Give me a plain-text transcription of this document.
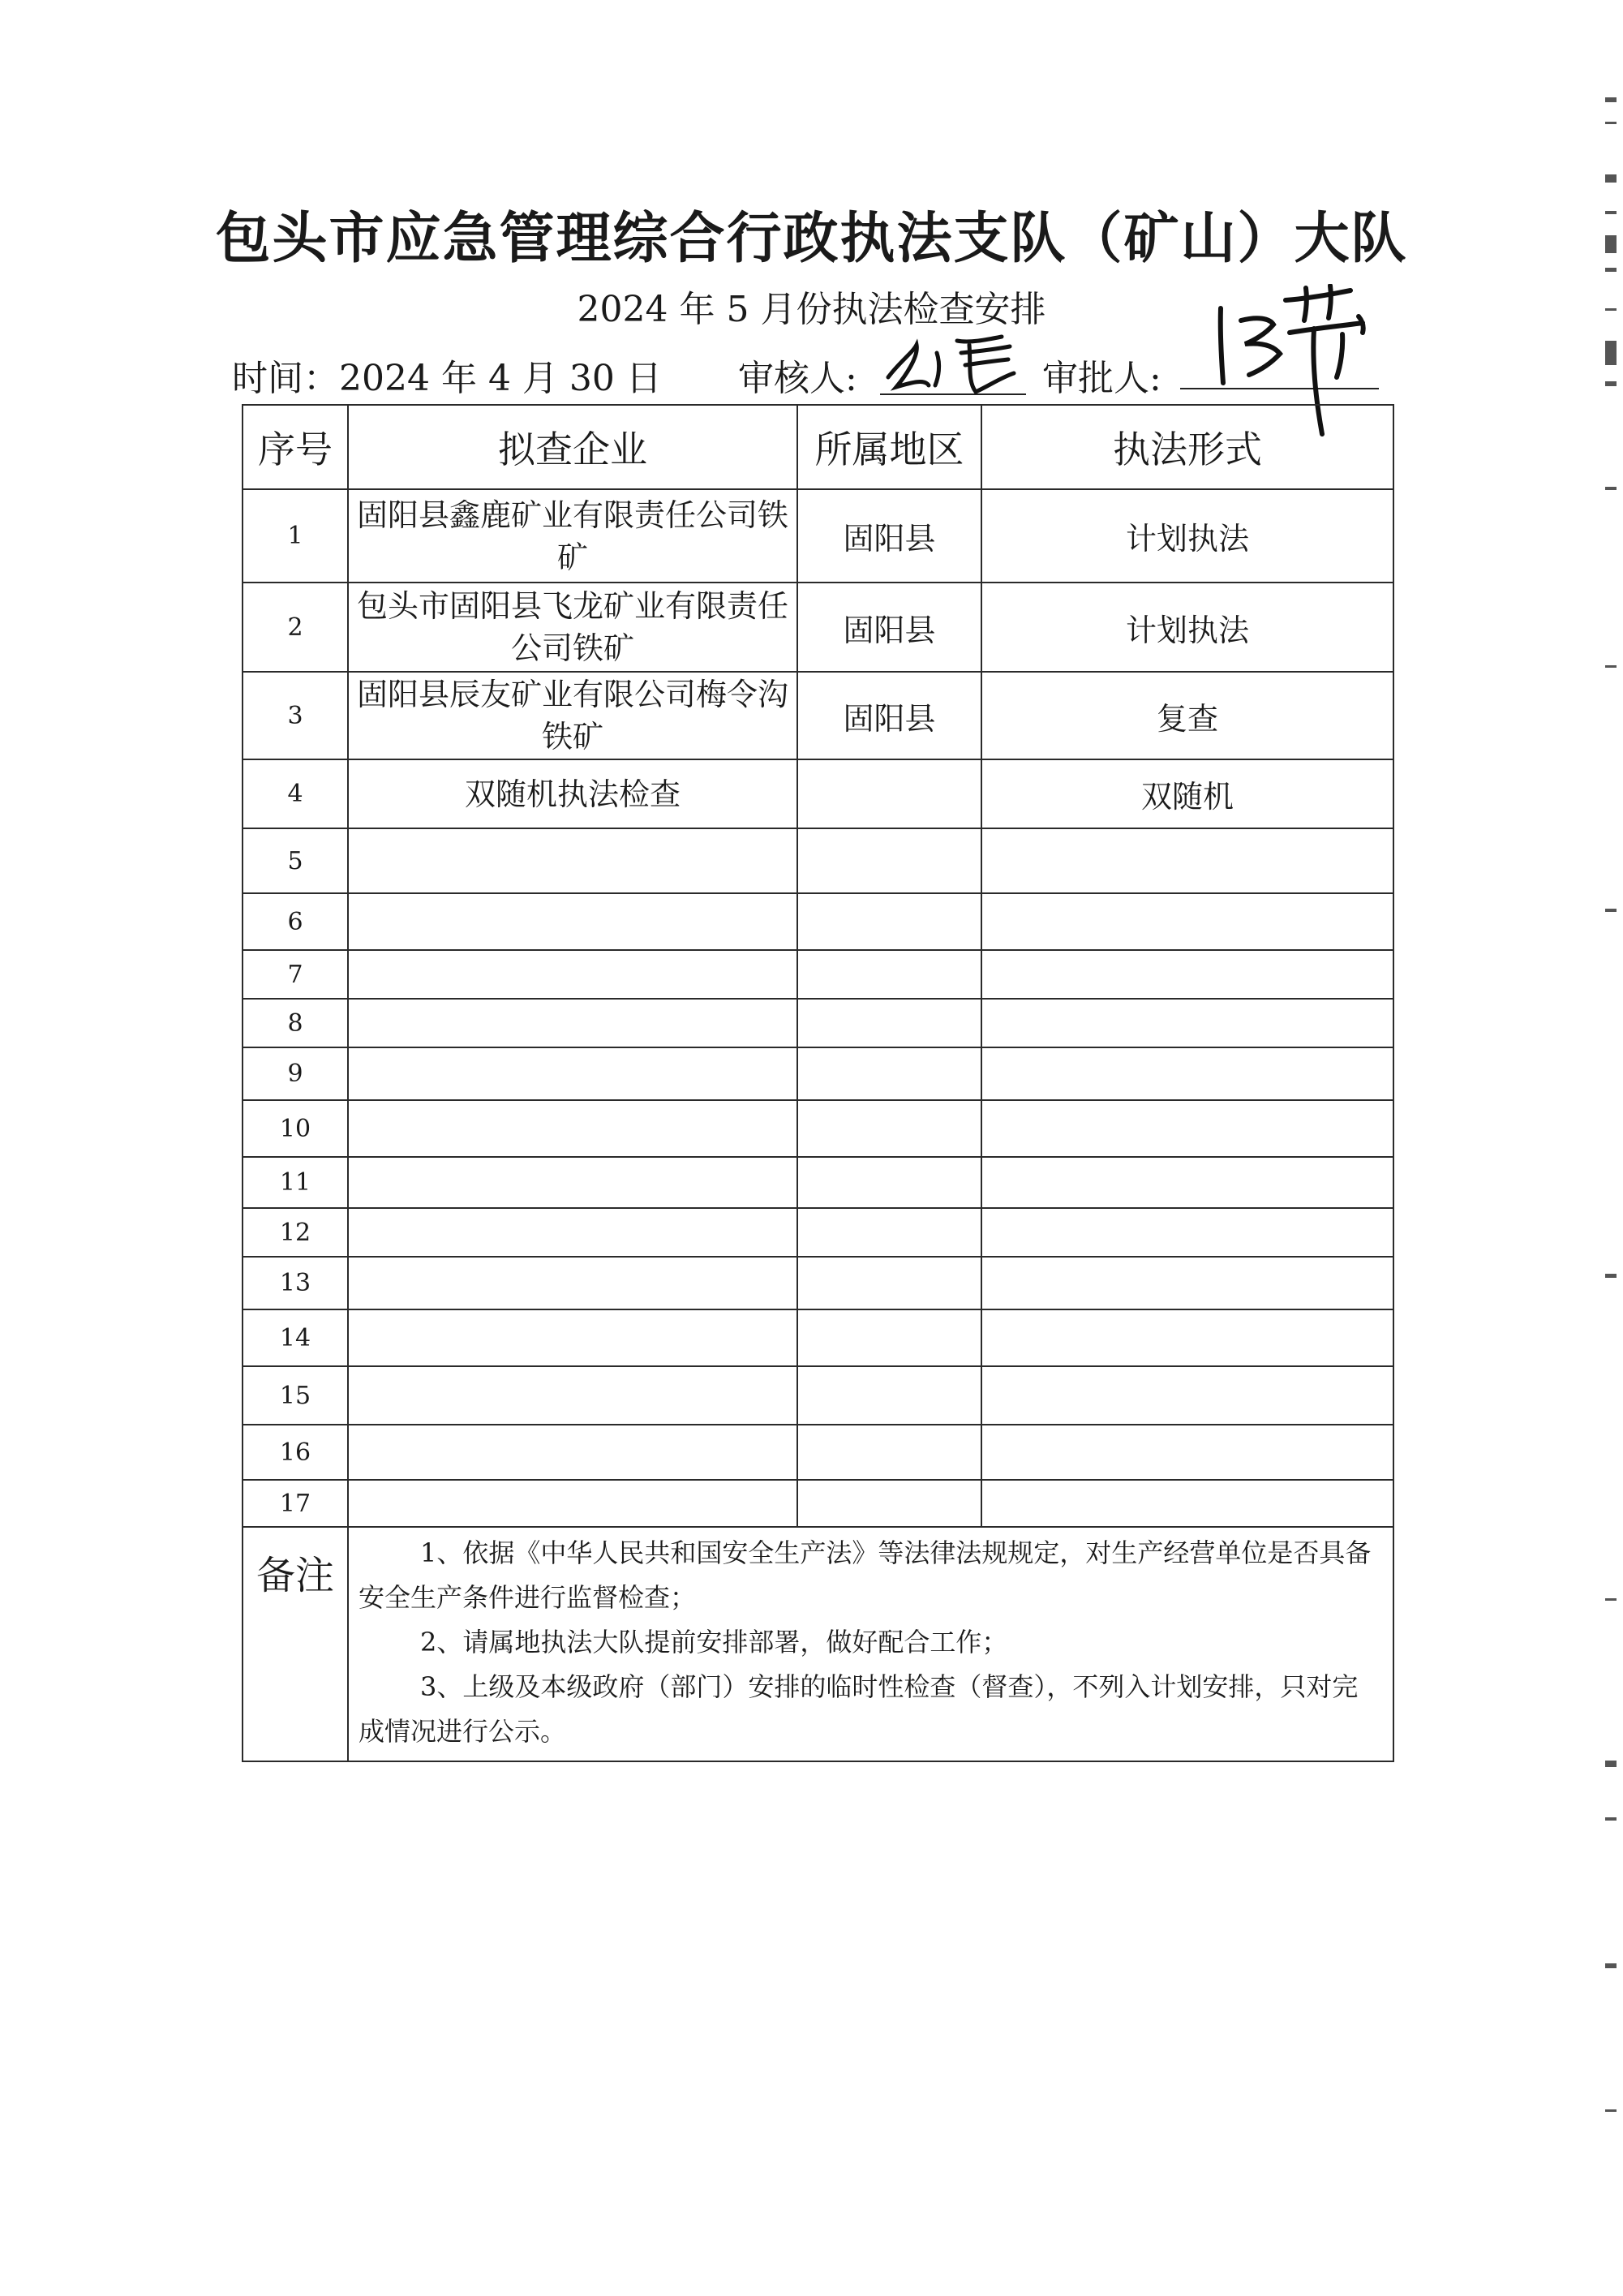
包头市应急管理综合行政执法支队（矿山）大队
2024 年 5 月份执法检查安排
时间：2024 年 4 月 30 日 审核人:	审批人:
序号	拟查企业	所属地区	执法形式
1	固阳县鑫鹿矿业有限责任公司铁矿	固阳县	计划执法
2	包头市固阳县飞龙矿业有限责任公司铁矿	固阳县	计划执法
3	固阳县辰友矿业有限公司梅令沟铁矿	固阳县	复查
4	双随机执法检查		双随机
5			
6			
7			
8			
9			
10			
11			
12			
13			
14			
15			
16			
17			
备注	1、依据《中华人民共和国安全生产法》等法律法规规定，对生产经营单位是否具备安全生产条件进行监督检查；

2、请属地执法大队提前安排部署，做好配合工作；

3、上级及本级政府（部门）安排的临时性检查（督查），不列入计划安排，只对完成情况进行公示。		
